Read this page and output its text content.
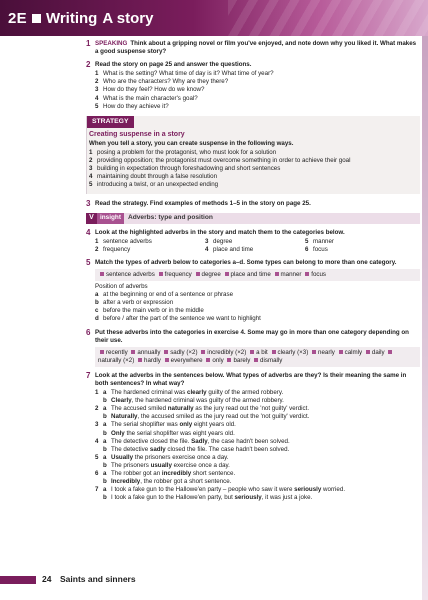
2E Writing A story
1 SPEAKING Think about a gripping novel or film you've enjoyed, and note down why you liked it. What makes a good suspense story?
2 Read the story on page 25 and answer the questions.
1 What is the setting? What time of day is it? What time of year?
2 Who are the characters? Why are they there?
3 How do they feel? How do we know?
4 What is the main character's goal?
5 How do they achieve it?
STRATEGY
Creating suspense in a story
When you tell a story, you can create suspense in the following ways.
1 posing a problem for the protagonist, who must look for a solution
2 providing opposition; the protagonist must overcome something in order to achieve their goal
3 building in expectation through foreshadowing and short sentences
4 maintaining doubt through a false resolution
5 introducing a twist, or an unexpected ending
3 Read the strategy. Find examples of methods 1–5 in the story on page 25.
V insight	Adverbs: type and position
4 Look at the highlighted adverbs in the story and match them to the categories below.
1 sentence adverbs	3 degree	5 manner
2 frequency	4 place and time	6 focus
5 Match the types of adverb below to categories a–d. Some types can belong to more than one category.
sentence adverbs frequency degree place and time manner focus
Position of adverbs
a at the beginning or end of a sentence or phrase
b after a verb or expression
c before the main verb or in the middle
d before / after the part of the sentence we want to highlight
6 Put these adverbs into the categories in exercise 4. Some may go in more than one category depending on their use.
recently annually sadly (×2) incredibly (×2) a bit clearly (×3) nearly calmly daily naturally (×2) hardly everywhere only barely dismally
7 Look at the adverbs in the sentences below. What types of adverbs are they? Is their meaning the same in both sentences? In what way?
1 a The hardened criminal was clearly guilty of the armed robbery.
b Clearly, the hardened criminal was guilty of the armed robbery.
2 a The accused smiled naturally as the jury read out the 'not guilty' verdict.
b Naturally, the accused smiled as the jury read out the 'not guilty' verdict.
3 a The serial shoplifter was only eight years old.
b Only the serial shoplifter was eight years old.
4 a The detective closed the file. Sadly, the case hadn't been solved.
b The detective sadly closed the file. The case hadn't been solved.
5 a Usually the prisoners exercise once a day.
b The prisoners usually exercise once a day.
6 a The robber got an incredibly short sentence.
b Incredibly, the robber got a short sentence.
7 a I took a fake gun to the Hallowe'en party – people who saw it were seriously worried.
b I took a fake gun to the Hallowe'en party, but seriously, it was just a joke.
24 Saints and sinners
